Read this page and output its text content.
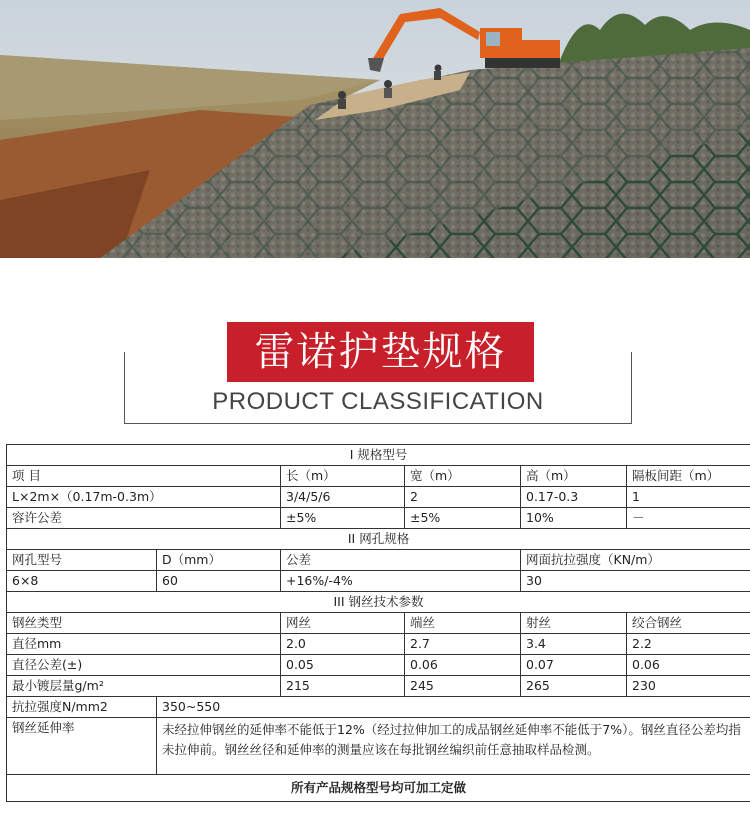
雷诺护垫规格
PRODUCT CLASSIFICATION
I 规格型号					
项 目		长（m）	宽（m）	高（m）	隔板间距（m）
L×2m×（0.17m-0.3m）		3/4/5/6	2	0.17-0.3	1
容许公差		±5%	±5%	10%	－
II 网孔规格					
网孔型号	D（mm）	公差		网面抗拉强度（KN/m）	
6×8	60	+16%/-4%		30	
III 钢丝技术参数					
钢丝类型		网丝	端丝	射丝	绞合钢丝
直径mm		2.0	2.7	3.4	2.2
直径公差(±)		0.05	0.06	0.07	0.06
最小镀层量g/m²		215	245	265	230
抗拉强度N/mm2	350~550				
钢丝延伸率	未经拉伸钢丝的延伸率不能低于12%（经过拉伸加工的成品钢丝延伸率不能低于7%）。钢丝直径公差均指未拉伸前。钢丝丝径和延伸率的测量应该在每批钢丝编织前任意抽取样品检测。				
所有产品规格型号均可加工定做					
